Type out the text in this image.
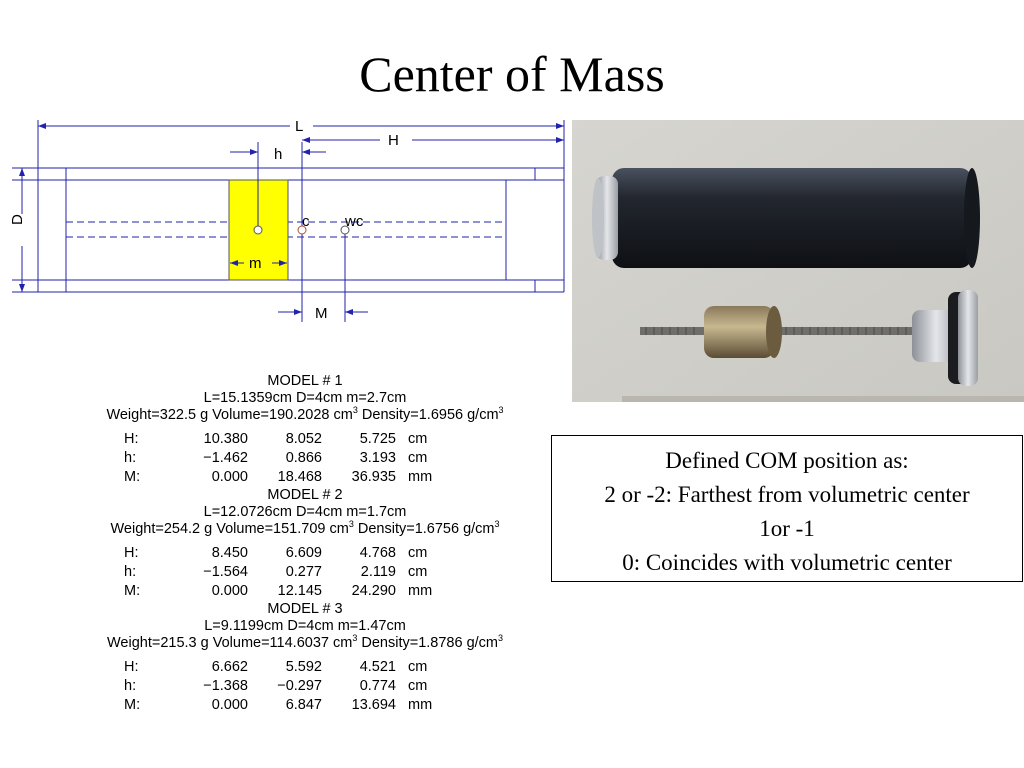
Center of Mass
L
H
h
c wc
m
M
D
Defined COM position as:
2 or -2: Farthest from volumetric center
1or -1
0: Coincides with volumetric center
MODEL # 1
L=15.1359cm D=4cm m=2.7cm
Weight=322.5 g Volume=190.2028 $cm^3$ Density=1.6956 $g/cm^3$
H:	10.380	8.052	5.725 cm
h:	−1.462	0.866	3.193 cm
M:	0.000	18.468	36.935 mm
MODEL # 2
L=12.0726cm D=4cm m=1.7cm
Weight=254.2 g Volume=151.709 $cm^3$ Density=1.6756 $g/cm^3$
H:	8.450	6.609	4.768 cm
h:	−1.564	0.277	2.119 cm
M:	0.000	12.145	24.290 mm
MODEL # 3
L=9.1199cm D=4cm m=1.47cm
Weight=215.3 g Volume=114.6037 $cm^3$ Density=1.8786 $g/cm^3$
H:	6.662	5.592	4.521 cm
h:	−1.368	−0.297	0.774 cm
M:	0.000	6.847	13.694 mm
